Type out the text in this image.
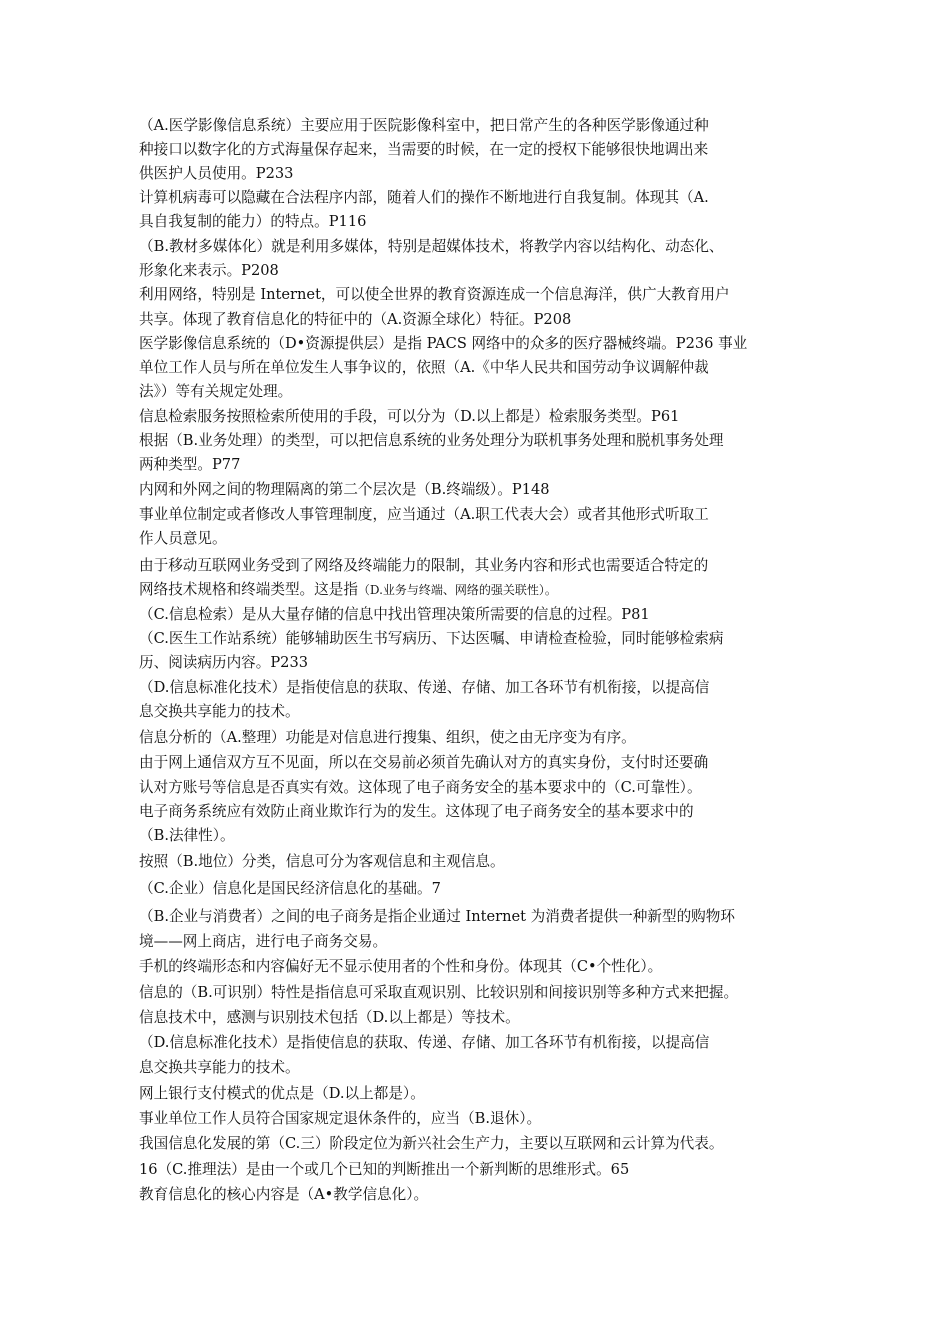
（A.医学影像信息系统）主要应用于医院影像科室中，把日常产生的各种医学影像通过种
种接口以数字化的方式海量保存起来，当需要的时候，在一定的授权下能够很快地调出来
供医护人员使用。P233
计算机病毒可以隐藏在合法程序内部，随着人们的操作不断地进行自我复制。体现其（A.
具自我复制的能力）的特点。P116
（B.教材多媒体化）就是利用多媒体，特别是超媒体技术，将教学内容以结构化、动态化、
形象化来表示。P208
利用网络，特别是 Internet，可以使全世界的教育资源连成一个信息海洋，供广大教育用户
共享。体现了教育信息化的特征中的（A.资源全球化）特征。P208
医学影像信息系统的（D•资源提供层）是指 PACS 网络中的众多的医疗器械终端。P236 事业
单位工作人员与所在单位发生人事争议的，依照（A.《中华人民共和国劳动争议调解仲裁
法》）等有关规定处理。
信息检索服务按照检索所使用的手段，可以分为（D.以上都是）检索服务类型。P61
根据（B.业务处理）的类型，可以把信息系统的业务处理分为联机事务处理和脱机事务处理
两种类型。P77
内网和外网之间的物理隔离的第二个层次是（B.终端级）。P148
事业单位制定或者修改人事管理制度，应当通过（A.职工代表大会）或者其他形式听取工
作人员意见。
由于移动互联网业务受到了网络及终端能力的限制，其业务内容和形式也需要适合特定的
网络技术规格和终端类型。这是指（D.业务与终端、网络的强关联性）。
（C.信息检索）是从大量存储的信息中找出管理决策所需要的信息的过程。P81
（C.医生工作站系统）能够辅助医生书写病历、下达医嘱、申请检查检验，同时能够检索病
历、阅读病历内容。P233
（D.信息标准化技术）是指使信息的获取、传递、存储、加工各环节有机衔接，以提高信
息交换共享能力的技术。
信息分析的（A.整理）功能是对信息进行搜集、组织，使之由无序变为有序。
由于网上通信双方互不见面，所以在交易前必须首先确认对方的真实身份，支付时还要确
认对方账号等信息是否真实有效。这体现了电子商务安全的基本要求中的（C.可靠性）。
电子商务系统应有效防止商业欺诈行为的发生。这体现了电子商务安全的基本要求中的
（B.法律性）。
按照（B.地位）分类，信息可分为客观信息和主观信息。
（C.企业）信息化是国民经济信息化的基础。7
（B.企业与消费者）之间的电子商务是指企业通过 Internet 为消费者提供一种新型的购物环
境——网上商店，进行电子商务交易。
手机的终端形态和内容偏好无不显示使用者的个性和身份。体现其（C•个性化）。
信息的（B.可识别）特性是指信息可采取直观识别、比较识别和间接识别等多种方式来把握。
信息技术中，感测与识别技术包括（D.以上都是）等技术。
（D.信息标准化技术）是指使信息的获取、传递、存储、加工各环节有机衔接，以提高信
息交换共享能力的技术。
网上银行支付模式的优点是（D.以上都是）。
事业单位工作人员符合国家规定退休条件的，应当（B.退休）。
我国信息化发展的第（C.三）阶段定位为新兴社会生产力，主要以互联网和云计算为代表。
16（C.推理法）是由一个或几个已知的判断推出一个新判断的思维形式。65
教育信息化的核心内容是（A•教学信息化）。
